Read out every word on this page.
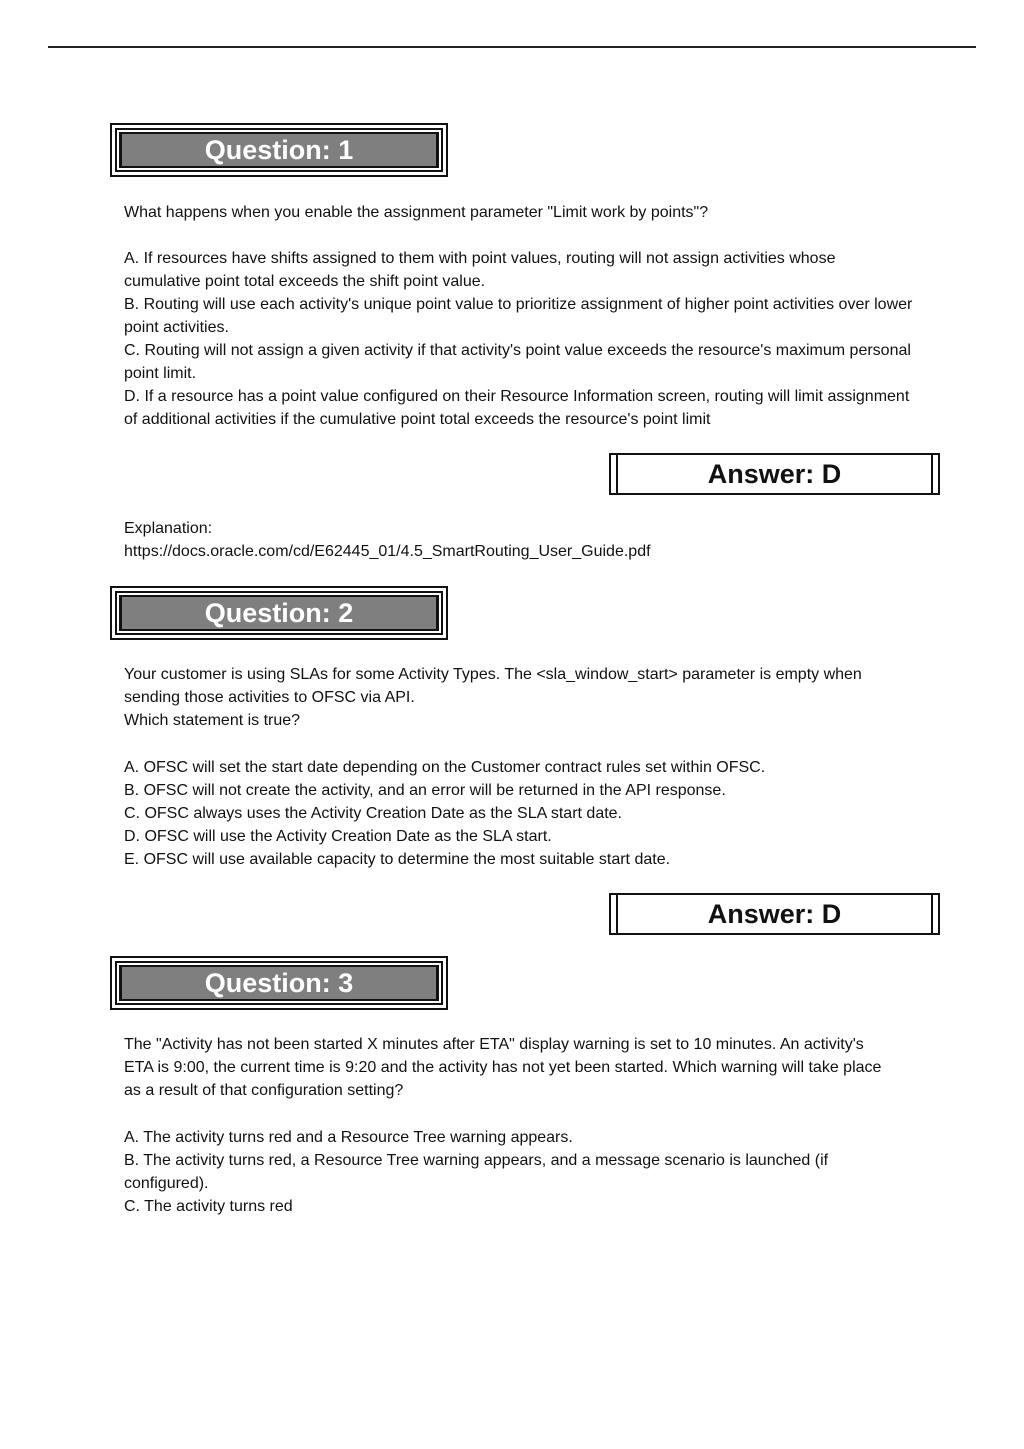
Question: 1
What happens when you enable the assignment parameter "Limit work by points"?
A. If resources have shifts assigned to them with point values, routing will not assign activities whose cumulative point total exceeds the shift point value.
B. Routing will use each activity's unique point value to prioritize assignment of higher point activities over lower point activities.
C. Routing will not assign a given activity if that activity's point value exceeds the resource's maximum personal point limit.
D. If a resource has a point value configured on their Resource Information screen, routing will limit assignment of additional activities if the cumulative point total exceeds the resource's point limit
Answer: D
Explanation:
https://docs.oracle.com/cd/E62445_01/4.5_SmartRouting_User_Guide.pdf
Question: 2
Your customer is using SLAs for some Activity Types. The <sla_window_start> parameter is empty when sending those activities to OFSC via API.
Which statement is true?
A. OFSC will set the start date depending on the Customer contract rules set within OFSC.
B. OFSC will not create the activity, and an error will be returned in the API response.
C. OFSC always uses the Activity Creation Date as the SLA start date.
D. OFSC will use the Activity Creation Date as the SLA start.
E. OFSC will use available capacity to determine the most suitable start date.
Answer: D
Question: 3
The "Activity has not been started X minutes after ETA" display warning is set to 10 minutes. An activity's ETA is 9:00, the current time is 9:20 and the activity has not yet been started. Which warning will take place as a result of that configuration setting?
A. The activity turns red and a Resource Tree warning appears.
B. The activity turns red, a Resource Tree warning appears, and a message scenario is launched (if configured).
C. The activity turns red
